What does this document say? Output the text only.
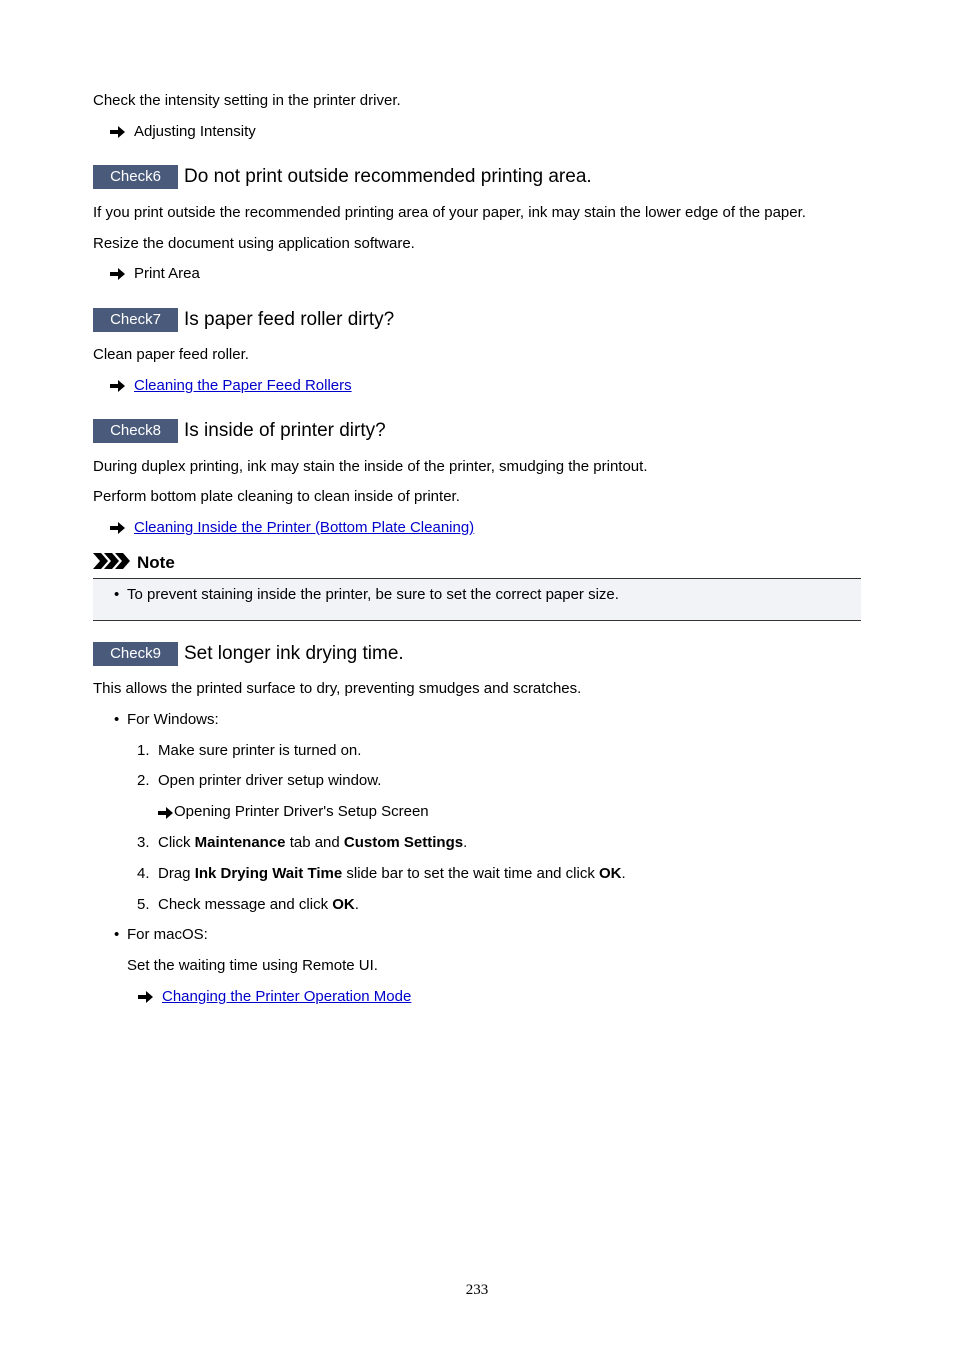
Check the intensity setting in the printer driver.
Adjusting Intensity
Check6	Do not print outside recommended printing area.
If you print outside the recommended printing area of your paper, ink may stain the lower edge of the paper.
Resize the document using application software.
Print Area
Check7	Is paper feed roller dirty?
Clean paper feed roller.
Cleaning the Paper Feed Rollers
Check8	Is inside of printer dirty?
During duplex printing, ink may stain the inside of the printer, smudging the printout.
Perform bottom plate cleaning to clean inside of printer.
Cleaning Inside the Printer (Bottom Plate Cleaning)
Note
• To prevent staining inside the printer, be sure to set the correct paper size.
Check9	Set longer ink drying time.
This allows the printed surface to dry, preventing smudges and scratches.
• For Windows:
1. Make sure printer is turned on.
2. Open printer driver setup window.
Opening Printer Driver's Setup Screen
3. Click Maintenance tab and Custom Settings.
4. Drag Ink Drying Wait Time slide bar to set the wait time and click OK.
5. Check message and click OK.
• For macOS:
Set the waiting time using Remote UI.
Changing the Printer Operation Mode
233
